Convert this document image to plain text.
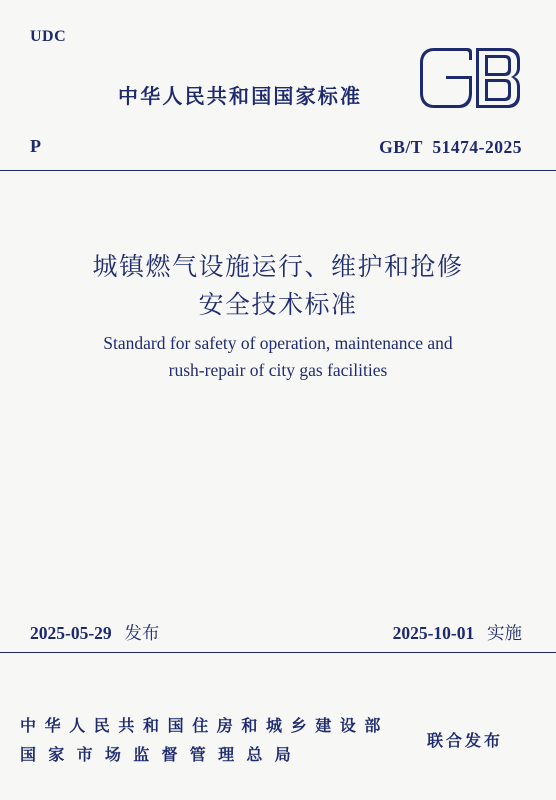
UDC
中华人民共和国国家标准
P	GB/T  51474-2025
城镇燃气设施运行、维护和抢修
安全技术标准
Standard for safety of operation, maintenance and
rush-repair of city gas facilities
2025-05-29 发布	2025-10-01 实施
中华人民共和国住房和城乡建设部
国家市场监督管理总局
联合发布
